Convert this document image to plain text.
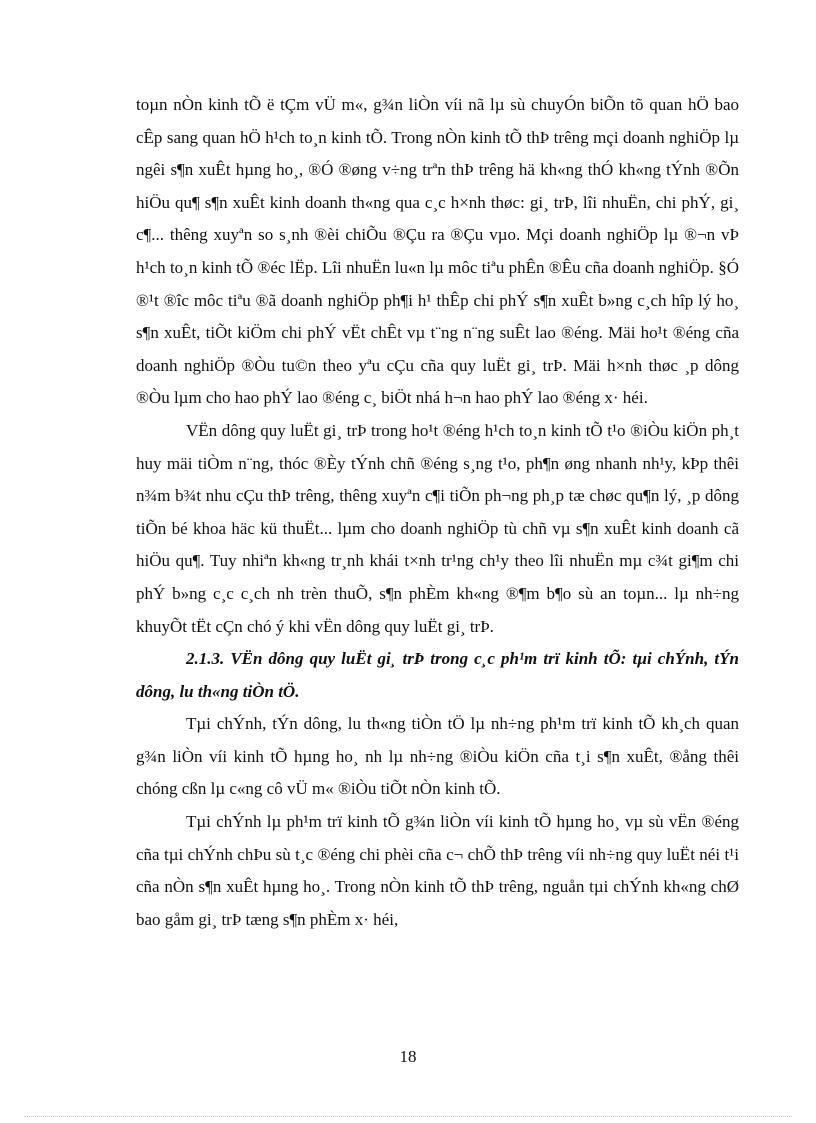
toµn nÒn kinh tÕ ë tÇm vÜ m«, g¾n liÒn víi nã lµ sù chuyÓn biÕn tõ quan hÖ bao cÊp sang quan hÖ h¹ch to¸n kinh tÕ. Trong nÒn kinh tÕ thÞ trêng mçi doanh nghiÖp lµ ngêi s¶n xuÊt hµng ho¸, ®Ó ®øng v÷ng trªn thÞ trêng hä kh«ng thÓ kh«ng tÝnh ®Õn hiÖu qu¶ s¶n xuÊt kinh doanh th«ng qua c¸c h×nh thøc: gi¸ trÞ, lîi nhuËn, chi phÝ, gi¸ c¶... thêng xuyªn so s¸nh ®èi chiÕu ®Çu ra ®Çu vµo. Mçi doanh nghiÖp lµ ®¬n vÞ h¹ch to¸n kinh tÕ ®éc lËp. Lîi nhuËn lu«n lµ môc tiªu phÊn ®Êu cña doanh nghiÖp. §Ó ®¹t ®îc môc tiªu ®ã doanh nghiÖp ph¶i h¹ thÊp chi phÝ s¶n xuÊt b»ng c¸ch hîp lý ho¸ s¶n xuÊt, tiÕt kiÖm chi phÝ vËt chÊt vµ t¨ng n¨ng suÊt lao ®éng. Mäi ho¹t ®éng cña doanh nghiÖp ®Òu tu©n theo yªu cÇu cña quy luËt gi¸ trÞ. Mäi h×nh thøc ¸p dông ®Òu lµm cho hao phÝ lao ®éng c¸ biÖt nhá h¬n hao phÝ lao ®éng x· héi.

VËn dông quy luËt gi¸ trÞ trong ho¹t ®éng h¹ch to¸n kinh tÕ t¹o ®iÒu kiÖn ph¸t huy mäi tiÒm n¨ng, thóc ®Èy tÝnh chñ ®éng s¸ng t¹o, ph¶n øng nhanh nh¹y, kÞp thêi n¾m b¾t nhu cÇu thÞ trêng, thêng xuyªn c¶i tiÕn ph¬ng ph¸p tæ chøc qu¶n lý, ¸p dông tiÕn bé khoa häc kü thuËt... lµm cho doanh nghiÖp tù chñ vµ s¶n xuÊt kinh doanh cã hiÖu qu¶. Tuy nhiªn kh«ng tr¸nh khái t×nh tr¹ng ch¹y theo lîi nhuËn mµ c¾t gi¶m chi phÝ b»ng c¸c c¸ch nh trèn thuÕ, s¶n phÈm kh«ng ®¶m b¶o sù an toµn... lµ nh÷ng khuyÕt tËt cÇn chó ý khi vËn dông quy luËt gi¸ trÞ.

2.1.3. VËn dông quy luËt gi¸ trÞ trong c¸c ph¹m trï kinh tÕ: tµi chÝnh, tÝn dông, lu th«ng tiÒn tÖ.

Tµi chÝnh, tÝn dông, lu th«ng tiÒn tÖ lµ nh÷ng ph¹m trï kinh tÕ kh¸ch quan g¾n liÒn víi kinh tÕ hµng ho¸ nh lµ nh÷ng ®iÒu kiÖn cña t¸i s¶n xuÊt, ®ång thêi chóng cßn lµ c«ng cô vÜ m« ®iÒu tiÕt nÒn kinh tÕ.

Tµi chÝnh lµ ph¹m trï kinh tÕ g¾n liÒn víi kinh tÕ hµng ho¸ vµ sù vËn ®éng cña tµi chÝnh chÞu sù t¸c ®éng chi phèi cña c¬ chÕ thÞ trêng víi nh÷ng quy luËt néi t¹i cña nÒn s¶n xuÊt hµng ho¸. Trong nÒn kinh tÕ thÞ trêng, nguån tµi chÝnh kh«ng chØ bao gåm gi¸ trÞ tæng s¶n phÈm x· héi,

18
